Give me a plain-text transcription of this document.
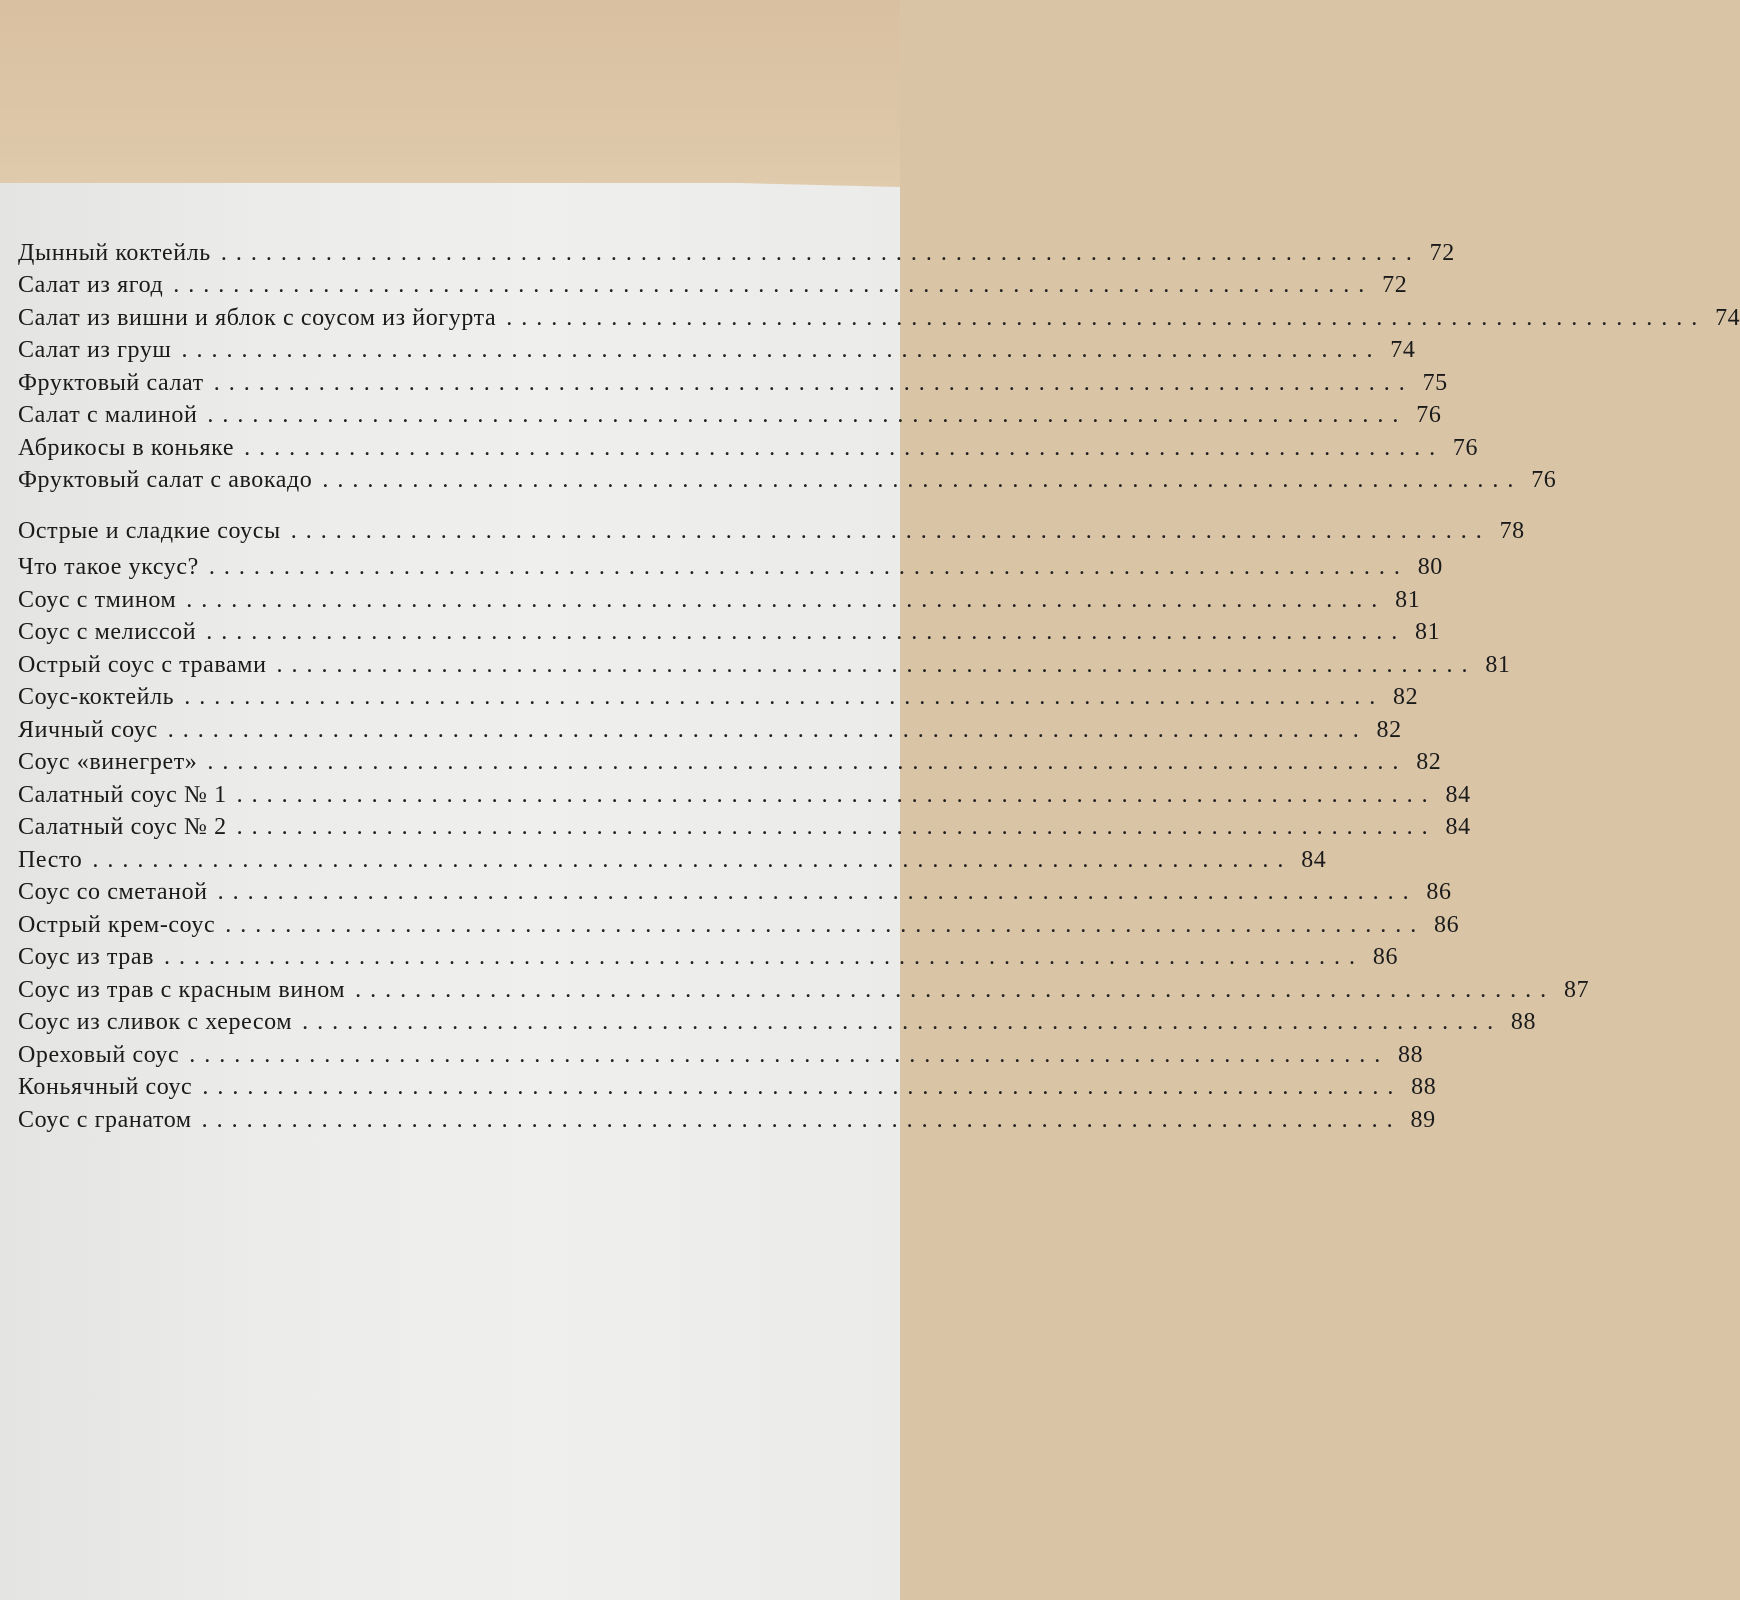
Дынный коктейль ................................................................................ 72
Салат из ягод ................................................................................ 72
Салат из вишни и яблок с соусом из йогурта ................................................................................ 74
Салат из груш ................................................................................ 74
Фруктовый салат ................................................................................ 75
Салат с малиной ................................................................................ 76
Абрикосы в коньяке ................................................................................ 76
Фруктовый салат с авокадо ................................................................................ 76
Острые и сладкие соусы ................................................................................ 78
Что такое уксус? ................................................................................ 80
Соус с тмином ................................................................................ 81
Соус с мелиссой ................................................................................ 81
Острый соус с травами ................................................................................ 81
Соус-коктейль ................................................................................ 82
Яичный соус ................................................................................ 82
Соус «винегрет» ................................................................................ 82
Салатный соус № 1 ................................................................................ 84
Салатный соус № 2 ................................................................................ 84
Песто ................................................................................ 84
Соус со сметаной ................................................................................ 86
Острый крем-соус ................................................................................ 86
Соус из трав ................................................................................ 86
Соус из трав с красным вином ................................................................................ 87
Соус из сливок с хересом ................................................................................ 88
Ореховый соус ................................................................................ 88
Коньячный соус ................................................................................ 88
Соус с гранатом ................................................................................ 89
